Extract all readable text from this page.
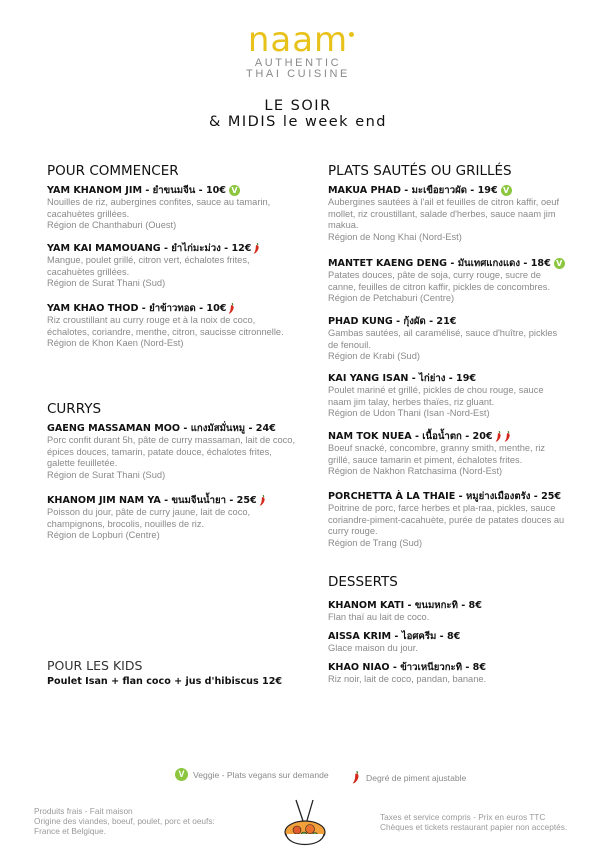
naam
AUTHENTIC
THAI CUISINE
LE SOIR
& MIDIS le week end
POUR COMMENCER
YAM KHANOM JIM - ยำขนมจีน - 10€ V
Nouilles de riz, aubergines confites, sauce au tamarin, cacahuètes grillées.
Région de Chanthaburi (Ouest)
YAM KAI MAMOUANG - ยำไก่มะม่วง - 12€
Mangue, poulet grillé, citron vert, échalotes frites, cacahuètes grillées.
Région de Surat Thani (Sud)
YAM KHAO THOD - ยำข้าวทอด - 10€
Riz croustillant au curry rouge et à la noix de coco, échalotes, coriandre, menthe, citron, saucisse citronnelle.
Région de Khon Kaen (Nord-Est)
CURRYS
GAENG MASSAMAN MOO - แกงมัสมั่นหมู - 24€
Porc confit durant 5h, pâte de curry massaman, lait de coco, épices douces, tamarin, patate douce, échalotes frites, galette feuilletée.
Région de Surat Thani (Sud)
KHANOM JIM NAM YA - ขนมจีนน้ำยา - 25€
Poisson du jour, pâte de curry jaune, lait de coco, champignons, brocolis, nouilles de riz.
Région de Lopburi (Centre)
POUR LES KIDS
Poulet Isan + flan coco + jus d'hibiscus 12€
PLATS SAUTÉS OU GRILLÉS
MAKUA PHAD - มะเขือยาวผัด - 19€ V
Aubergines sautées à l'ail et feuilles de citron kaffir, oeuf mollet, riz croustillant, salade d'herbes, sauce naam jim makua.
Région de Nong Khai (Nord-Est)
MANTET KAENG DENG - มันเทศแกงแดง - 18€ V
Patates douces, pâte de soja, curry rouge, sucre de canne, feuilles de citron kaffir, pickles de concombres.
Région de Petchaburi (Centre)
PHAD KUNG - กุ้งผัด - 21€
Gambas sautées, ail caramélisé, sauce d'huître, pickles de fenouil.
Région de Krabi (Sud)
KAI YANG ISAN - ไก่ย่าง - 19€
Poulet mariné et grillé, pickles de chou rouge, sauce naam jim talay, herbes thaïes, riz gluant.
Région de Udon Thani (Isan -Nord-Est)
NAM TOK NUEA - เนื้อน้ำตก - 20€
Boeuf snacké, concombre, granny smith, menthe, riz grillé, sauce tamarin et piment, échalotes frites.
Région de Nakhon Ratchasima (Nord-Est)
PORCHETTA À LA THAIE - หมูย่างเมืองตรัง - 25€
Poitrine de porc, farce herbes et pla-raa, pickles, sauce coriandre-piment-cacahuète, purée de patates douces au curry rouge.
Région de Trang (Sud)
DESSERTS
KHANOM KATI - ขนมหกะทิ - 8€
Flan thaï au lait de coco.
AISSA KRIM - ไอศครีม - 8€
Glace maison du jour.
KHAO NIAO - ข้าวเหนียวกะทิ - 8€
Riz noir, lait de coco, pandan, banane.
V Veggie - Plats vegans sur demande	Degré de piment ajustable
Produits frais - Fait maison
Origine des viandes, boeuf, poulet, porc et oeufs:
France et Belgique.
Taxes et service compris - Prix en euros TTC
Chèques et tickets restaurant papier non acceptés.
